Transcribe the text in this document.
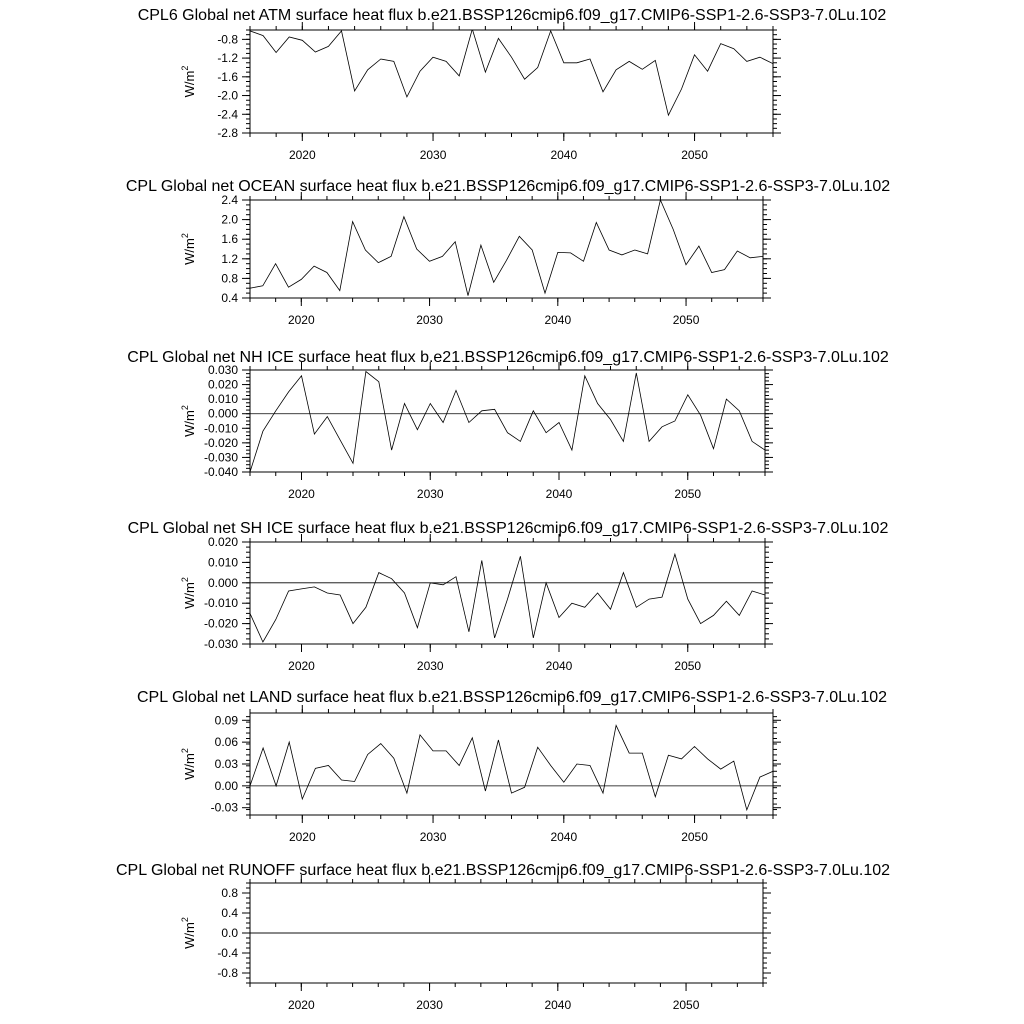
CPL6 Global net ATM surface heat flux b.e21.BSSP126cmip6.f09_g17.CMIP6-SSP1-2.6-SSP3-7.0Lu.102
-0.8
-1.2
-1.6
-2.0
-2.4
-2.8
2020	2030	2040	2050
$W/m^2$
CPL Global net OCEAN surface heat flux b.e21.BSSP126cmip6.f09_g17.CMIP6-SSP1-2.6-SSP3-7.0Lu.102
2.4
2.0
1.6
1.2
0.8
0.4
2020	2030	2040	2050
$W/m^2$
CPL Global net NH ICE surface heat flux b.e21.BSSP126cmip6.f09_g17.CMIP6-SSP1-2.6-SSP3-7.0Lu.102
0.030
0.020
0.010
0.000
-0.010
-0.020
-0.030
-0.040
2020	2030	2040	2050
$W/m^2$
CPL Global net SH ICE surface heat flux b.e21.BSSP126cmip6.f09_g17.CMIP6-SSP1-2.6-SSP3-7.0Lu.102
0.020
0.010
0.000
-0.010
-0.020
-0.030
2020	2030	2040	2050
$W/m^2$
CPL Global net LAND surface heat flux b.e21.BSSP126cmip6.f09_g17.CMIP6-SSP1-2.6-SSP3-7.0Lu.102
0.09
0.06
0.03
0.00
-0.03
2020	2030	2040	2050
$W/m^2$
CPL Global net RUNOFF surface heat flux b.e21.BSSP126cmip6.f09_g17.CMIP6-SSP1-2.6-SSP3-7.0Lu.102
0.8
0.4
0.0
-0.4
-0.8
2020	2030	2040	2050
$W/m^2$
